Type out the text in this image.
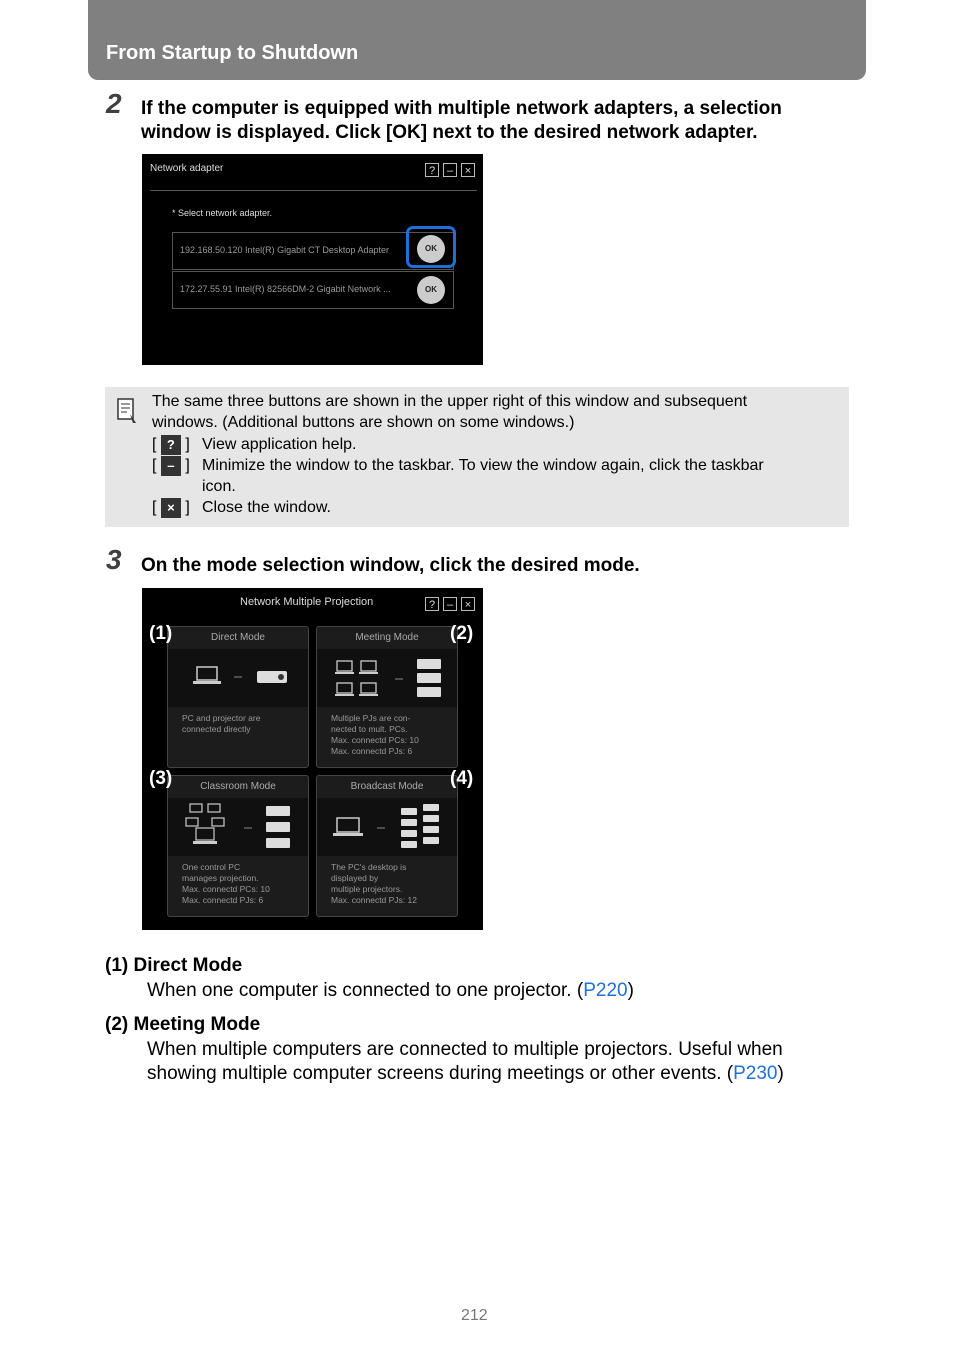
From Startup to Shutdown
2 If the computer is equipped with multiple network adapters, a selection
window is displayed. Click [OK] next to the desired network adapter.
Network adapter	?	–	×
* Select network adapter.
192.168.50.120 Intel(R) Gigabit CT Desktop Adapter	OK
172.27.55.91 Intel(R) 82566DM-2 Gigabit Network ...	OK
The same three buttons are shown in the upper right of this window and subsequent
windows. (Additional buttons are shown on some windows.)
[ ? ] View application help.
[ – ] Minimize the window to the taskbar. To view the window again, click the taskbar
icon.
[ × ] Close the window.
3 On the mode selection window, click the desired mode.
Network Multiple Projection	?	–	×
Direct Mode
PC and projector are
connected directly
(1)	Meeting Mode
Multiple PJs are con-
nected to mult. PCs.
Max. connectd PCs: 10
Max. connectd PJs: 6
(2)
Classroom Mode
One control PC
manages projection.
Max. connectd PCs: 10
Max. connectd PJs: 6
(3)	Broadcast Mode
The PC's desktop is
displayed by
multiple projectors.
Max. connectd PJs: 12
(4)
(1) Direct Mode
When one computer is connected to one projector. (P220)
(2) Meeting Mode
When multiple computers are connected to multiple projectors. Useful when
showing multiple computer screens during meetings or other events. (P230)
212
